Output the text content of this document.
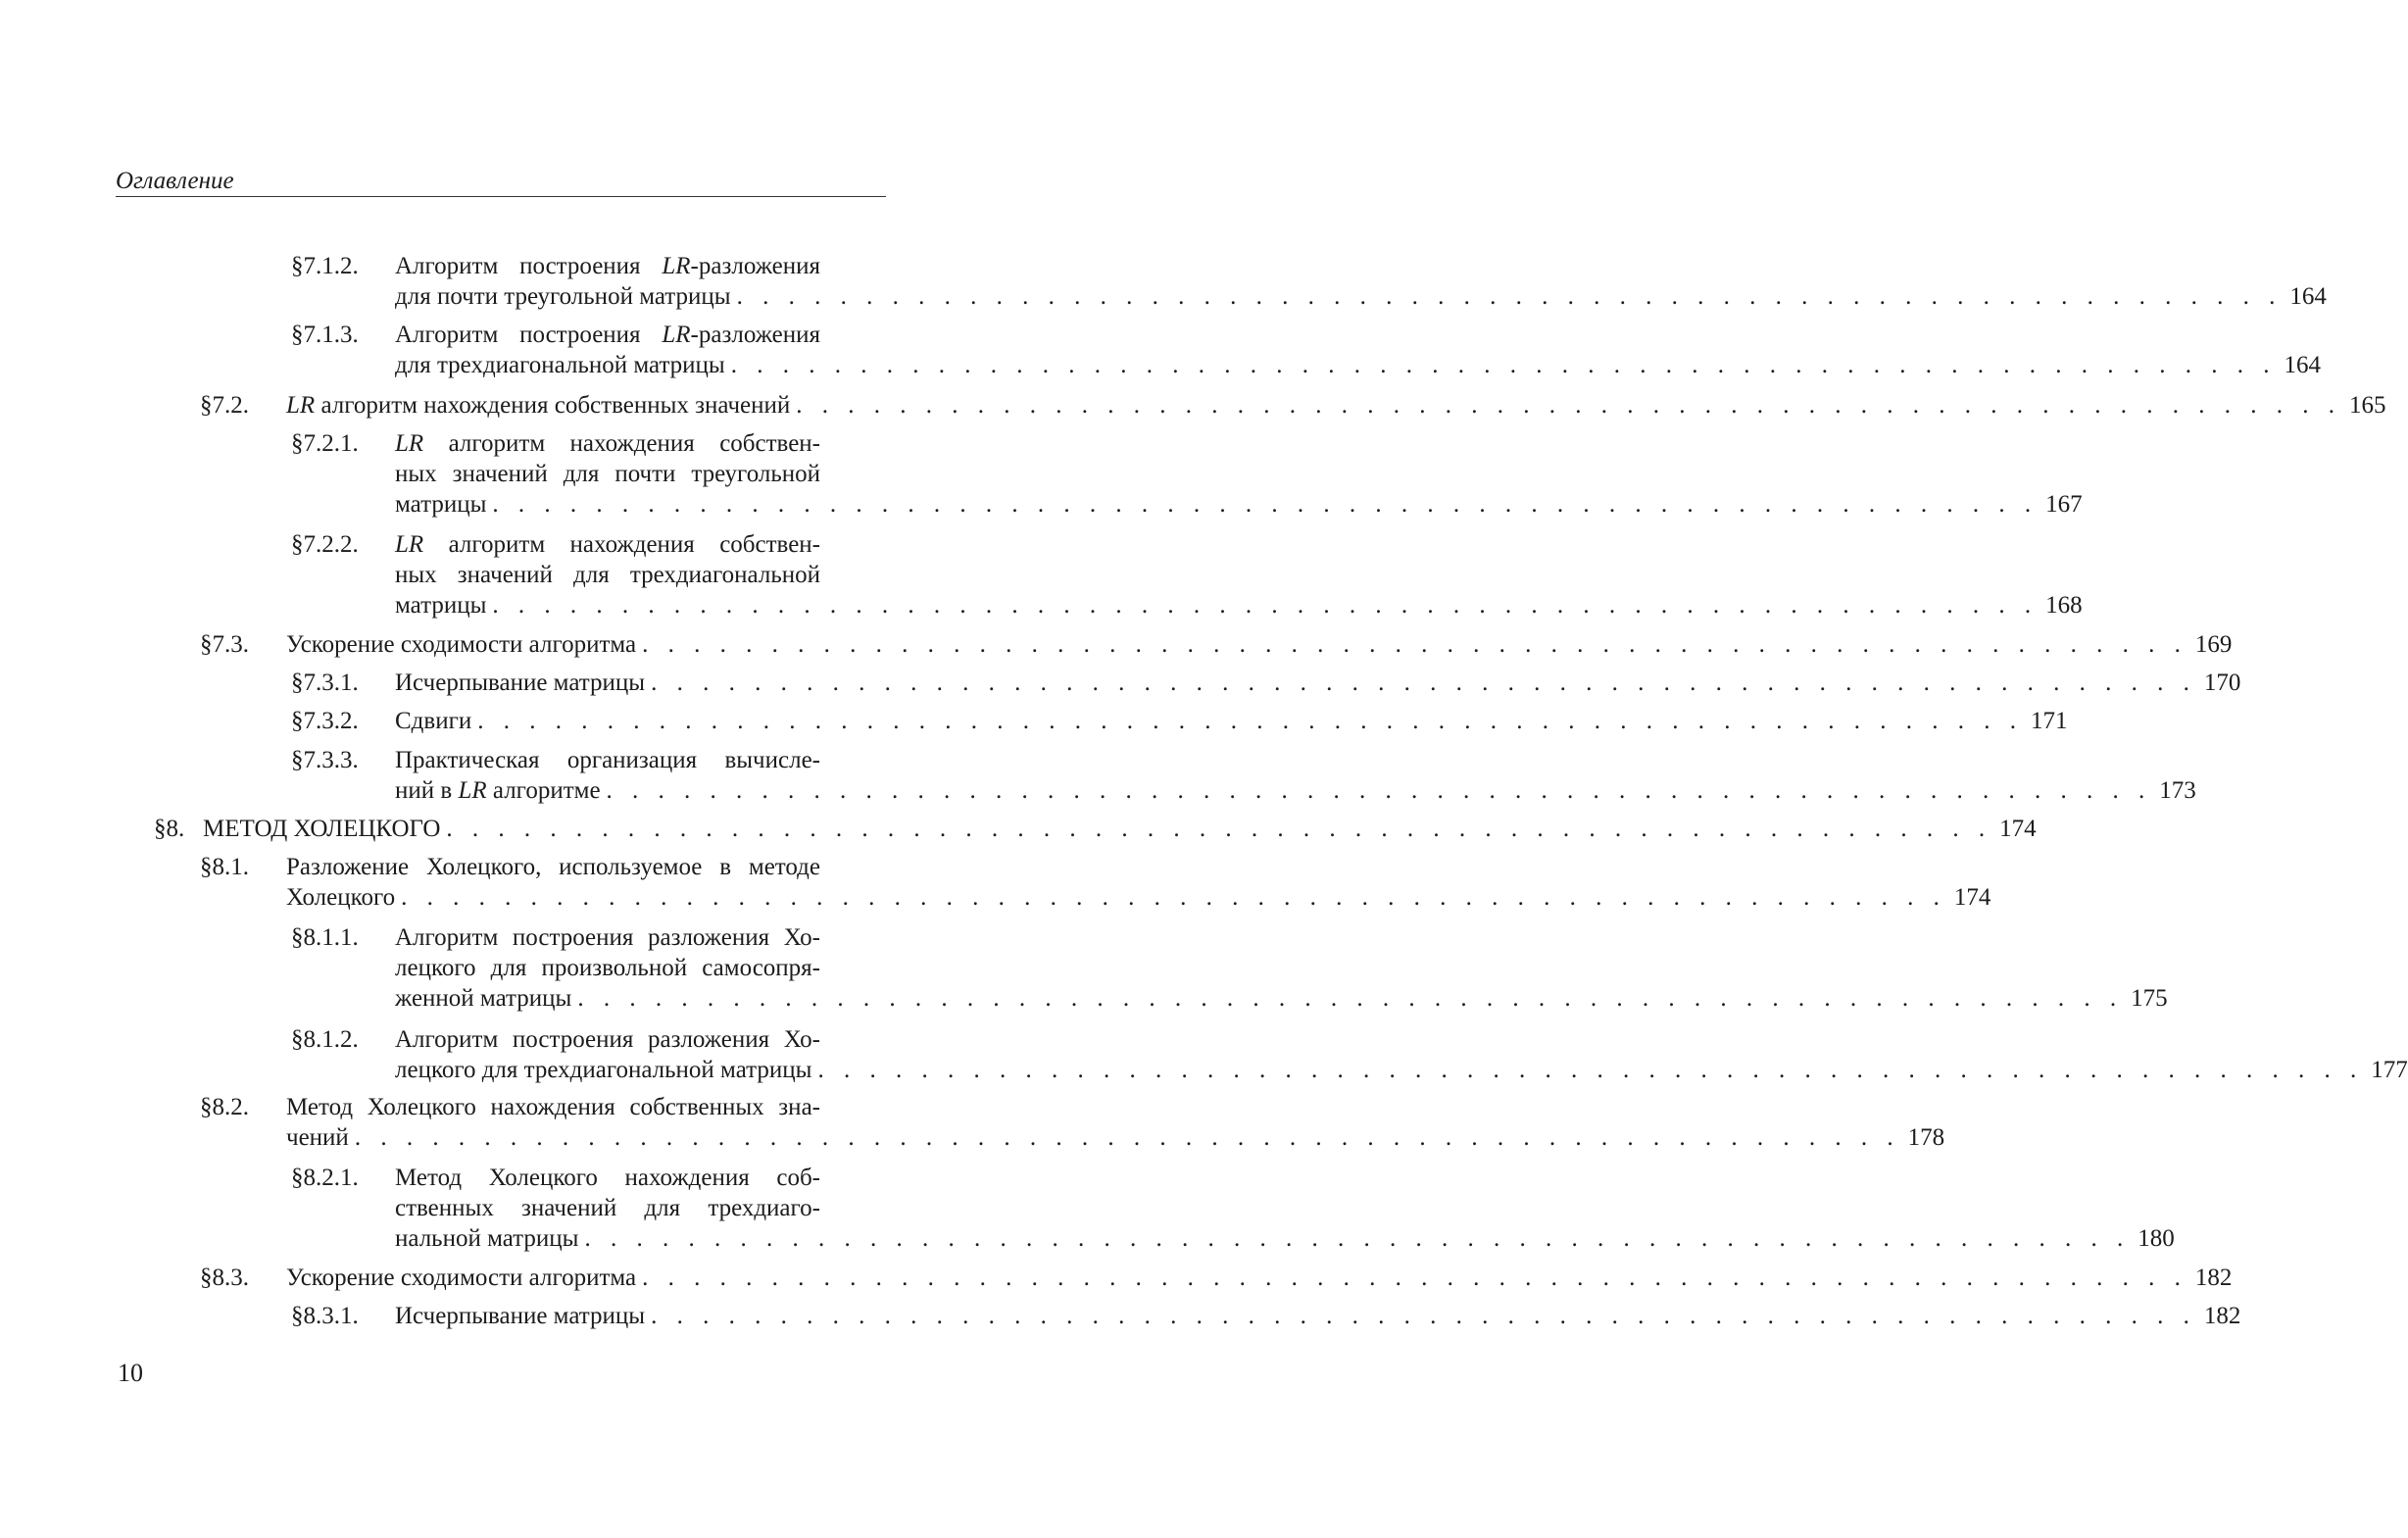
Оглавление
§7.1.2. Алгоритм построения LR-разложения
для почти треугольной матрицы . . . . . . . . . . . . . . . . . . . . . . . . . . . . . . . . . . . . . . . . . . . . . . . . . . . . . . . . . . . . 164
§7.1.3. Алгоритм построения LR-разложения
для трехдиагональной матрицы . . . . . . . . . . . . . . . . . . . . . . . . . . . . . . . . . . . . . . . . . . . . . . . . . . . . . . . . . . . . 164
§7.2. LR алгоритм нахождения собственных значений . . . . . . . . . . . . . . . . . . . . . . . . . . . . . . . . . . . . . . . . . . . . . . . . . . . . . . . . . . . . 165
§7.2.1. LR алгоритм нахождения собствен-
ных значений для почти треугольной
матрицы . . . . . . . . . . . . . . . . . . . . . . . . . . . . . . . . . . . . . . . . . . . . . . . . . . . . . . . . . . . . 167
§7.2.2. LR алгоритм нахождения собствен-
ных значений для трехдиагональной
матрицы . . . . . . . . . . . . . . . . . . . . . . . . . . . . . . . . . . . . . . . . . . . . . . . . . . . . . . . . . . . . 168
§7.3. Ускорение сходимости алгоритма . . . . . . . . . . . . . . . . . . . . . . . . . . . . . . . . . . . . . . . . . . . . . . . . . . . . . . . . . . . . 169
§7.3.1. Исчерпывание матрицы . . . . . . . . . . . . . . . . . . . . . . . . . . . . . . . . . . . . . . . . . . . . . . . . . . . . . . . . . . . . 170
§7.3.2. Сдвиги . . . . . . . . . . . . . . . . . . . . . . . . . . . . . . . . . . . . . . . . . . . . . . . . . . . . . . . . . . . . 171
§7.3.3. Практическая организация вычисле-
ний в LR алгоритме . . . . . . . . . . . . . . . . . . . . . . . . . . . . . . . . . . . . . . . . . . . . . . . . . . . . . . . . . . . . 173
§8. МЕТОД ХОЛЕЦКОГО . . . . . . . . . . . . . . . . . . . . . . . . . . . . . . . . . . . . . . . . . . . . . . . . . . . . . . . . . . . . 174
§8.1. Разложение Холецкого, используемое в методе
Холецкого . . . . . . . . . . . . . . . . . . . . . . . . . . . . . . . . . . . . . . . . . . . . . . . . . . . . . . . . . . . . 174
§8.1.1. Алгоритм построения разложения Хо-
лецкого для произвольной самосопря-
женной матрицы . . . . . . . . . . . . . . . . . . . . . . . . . . . . . . . . . . . . . . . . . . . . . . . . . . . . . . . . . . . . 175
§8.1.2. Алгоритм построения разложения Хо-
лецкого для трехдиагональной матрицы . . . . . . . . . . . . . . . . . . . . . . . . . . . . . . . . . . . . . . . . . . . . . . . . . . . . . . . . . . . . 177
§8.2. Метод Холецкого нахождения собственных зна-
чений . . . . . . . . . . . . . . . . . . . . . . . . . . . . . . . . . . . . . . . . . . . . . . . . . . . . . . . . . . . . 178
§8.2.1. Метод Холецкого нахождения соб-
ственных значений для трехдиаго-
нальной матрицы . . . . . . . . . . . . . . . . . . . . . . . . . . . . . . . . . . . . . . . . . . . . . . . . . . . . . . . . . . . . 180
§8.3. Ускорение сходимости алгоритма . . . . . . . . . . . . . . . . . . . . . . . . . . . . . . . . . . . . . . . . . . . . . . . . . . . . . . . . . . . . 182
§8.3.1. Исчерпывание матрицы . . . . . . . . . . . . . . . . . . . . . . . . . . . . . . . . . . . . . . . . . . . . . . . . . . . . . . . . . . . . 182
10
